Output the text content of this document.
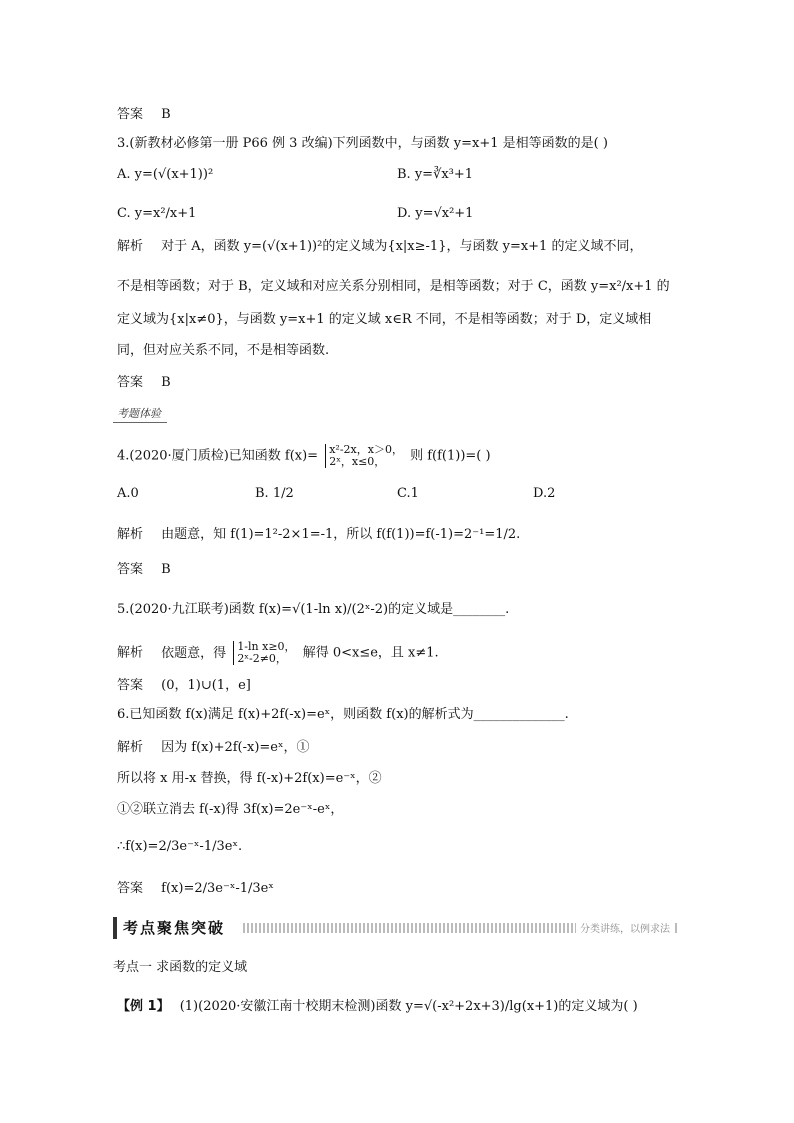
答案 B
3.(新教材必修第一册 P66 例 3 改编)下列函数中，与函数 y=x+1 是相等函数的是( )
A. y=(√(x+1))²	B. y=∛x³+1
C. y=x²/x+1	D. y=√x²+1
解析 对于 A，函数 y=(√(x+1))²的定义域为{x|x≥-1}，与函数 y=x+1 的定义域不同，
不是相等函数；对于 B，定义域和对应关系分别相同，是相等函数；对于 C，函数 y=x²/x+1 的
定义域为{x|x≠0}，与函数 y=x+1 的定义域 x∈R 不同，不是相等函数；对于 D，定义域相
同，但对应关系不同，不是相等函数.
答案 B
考题体验
4.(2020·厦门质检)已知函数 f(x)= x²-2x，x＞0，
2ˣ，x≤0，	则 f(f(1))=( )
A.0	B. 1/2	C.1	D.2
解析 由题意，知 f(1)=1²-2×1=-1，所以 f(f(1))=f(-1)=2⁻¹=1/2.
答案 B
5.(2020·九江联考)函数 f(x)=√(1-ln x)/(2ˣ-2)的定义域是________.
解析 依题意，得 1-ln x≥0，
2ˣ-2≠0，	解得 0<x≤e，且 x≠1.
答案 (0，1)∪(1，e]
6.已知函数 f(x)满足 f(x)+2f(-x)=eˣ，则函数 f(x)的解析式为______________.
解析 因为 f(x)+2f(-x)=eˣ，①
所以将 x 用-x 替换，得 f(-x)+2f(x)=e⁻ˣ，②
①②联立消去 f(-x)得 3f(x)=2e⁻ˣ-eˣ，
∴f(x)=2/3e⁻ˣ-1/3eˣ.
答案 f(x)=2/3e⁻ˣ-1/3eˣ
考点聚焦突破	分类讲练，以例求法
考点一 求函数的定义域
【例 1】 (1)(2020·安徽江南十校期末检测)函数 y=√(-x²+2x+3)/lg(x+1)的定义域为( )
